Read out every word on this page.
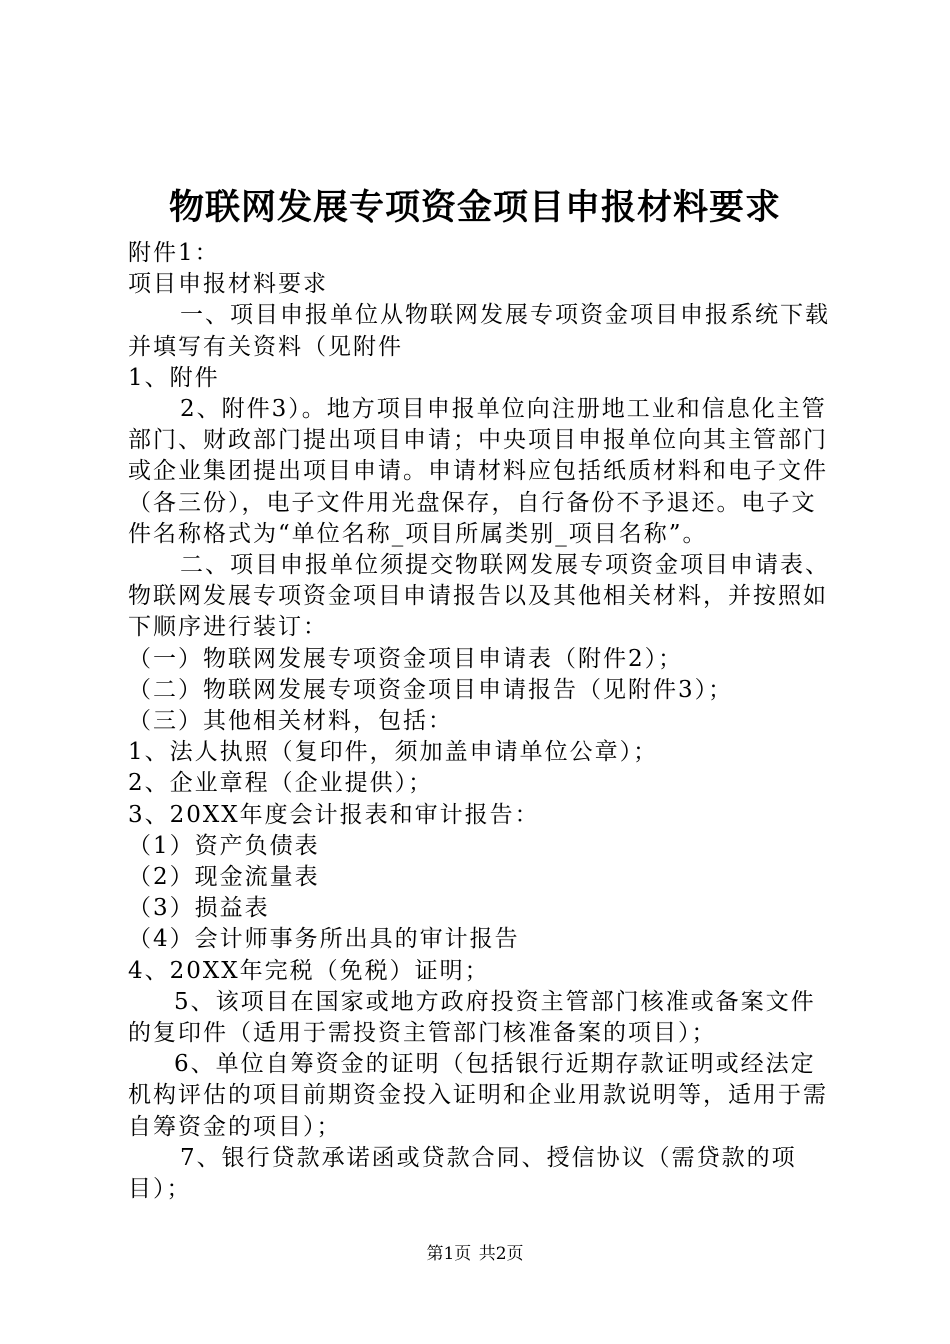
物联网发展专项资金项目申报材料要求

附件1：

项目申报材料要求

一、项目申报单位从物联网发展专项资金项目申报系统下载并填写有关资料（见附件

1、附件

2、附件3）。地方项目申报单位向注册地工业和信息化主管部门、财政部门提出项目申请；中央项目申报单位向其主管部门或企业集团提出项目申请。申请材料应包括纸质材料和电子文件（各三份），电子文件用光盘保存，自行备份不予退还。电子文件名称格式为“单位名称_项目所属类别_项目名称”。

二、项目申报单位须提交物联网发展专项资金项目申请表、物联网发展专项资金项目申请报告以及其他相关材料，并按照如下顺序进行装订：

（一）物联网发展专项资金项目申请表（附件2）；

（二）物联网发展专项资金项目申请报告（见附件3）；

（三）其他相关材料，包括：

1、法人执照（复印件，须加盖申请单位公章）；

2、企业章程（企业提供）；

3、20XX年度会计报表和审计报告：

（1）资产负债表

（2）现金流量表

（3）损益表

（4）会计师事务所出具的审计报告

4、20XX年完税（免税）证明；

5、该项目在国家或地方政府投资主管部门核准或备案文件的复印件（适用于需投资主管部门核准备案的项目）；

6、单位自筹资金的证明（包括银行近期存款证明或经法定机构评估的项目前期资金投入证明和企业用款说明等，适用于需自筹资金的项目）；

7、银行贷款承诺函或贷款合同、授信协议（需贷款的项目）；

第1页 共2页
